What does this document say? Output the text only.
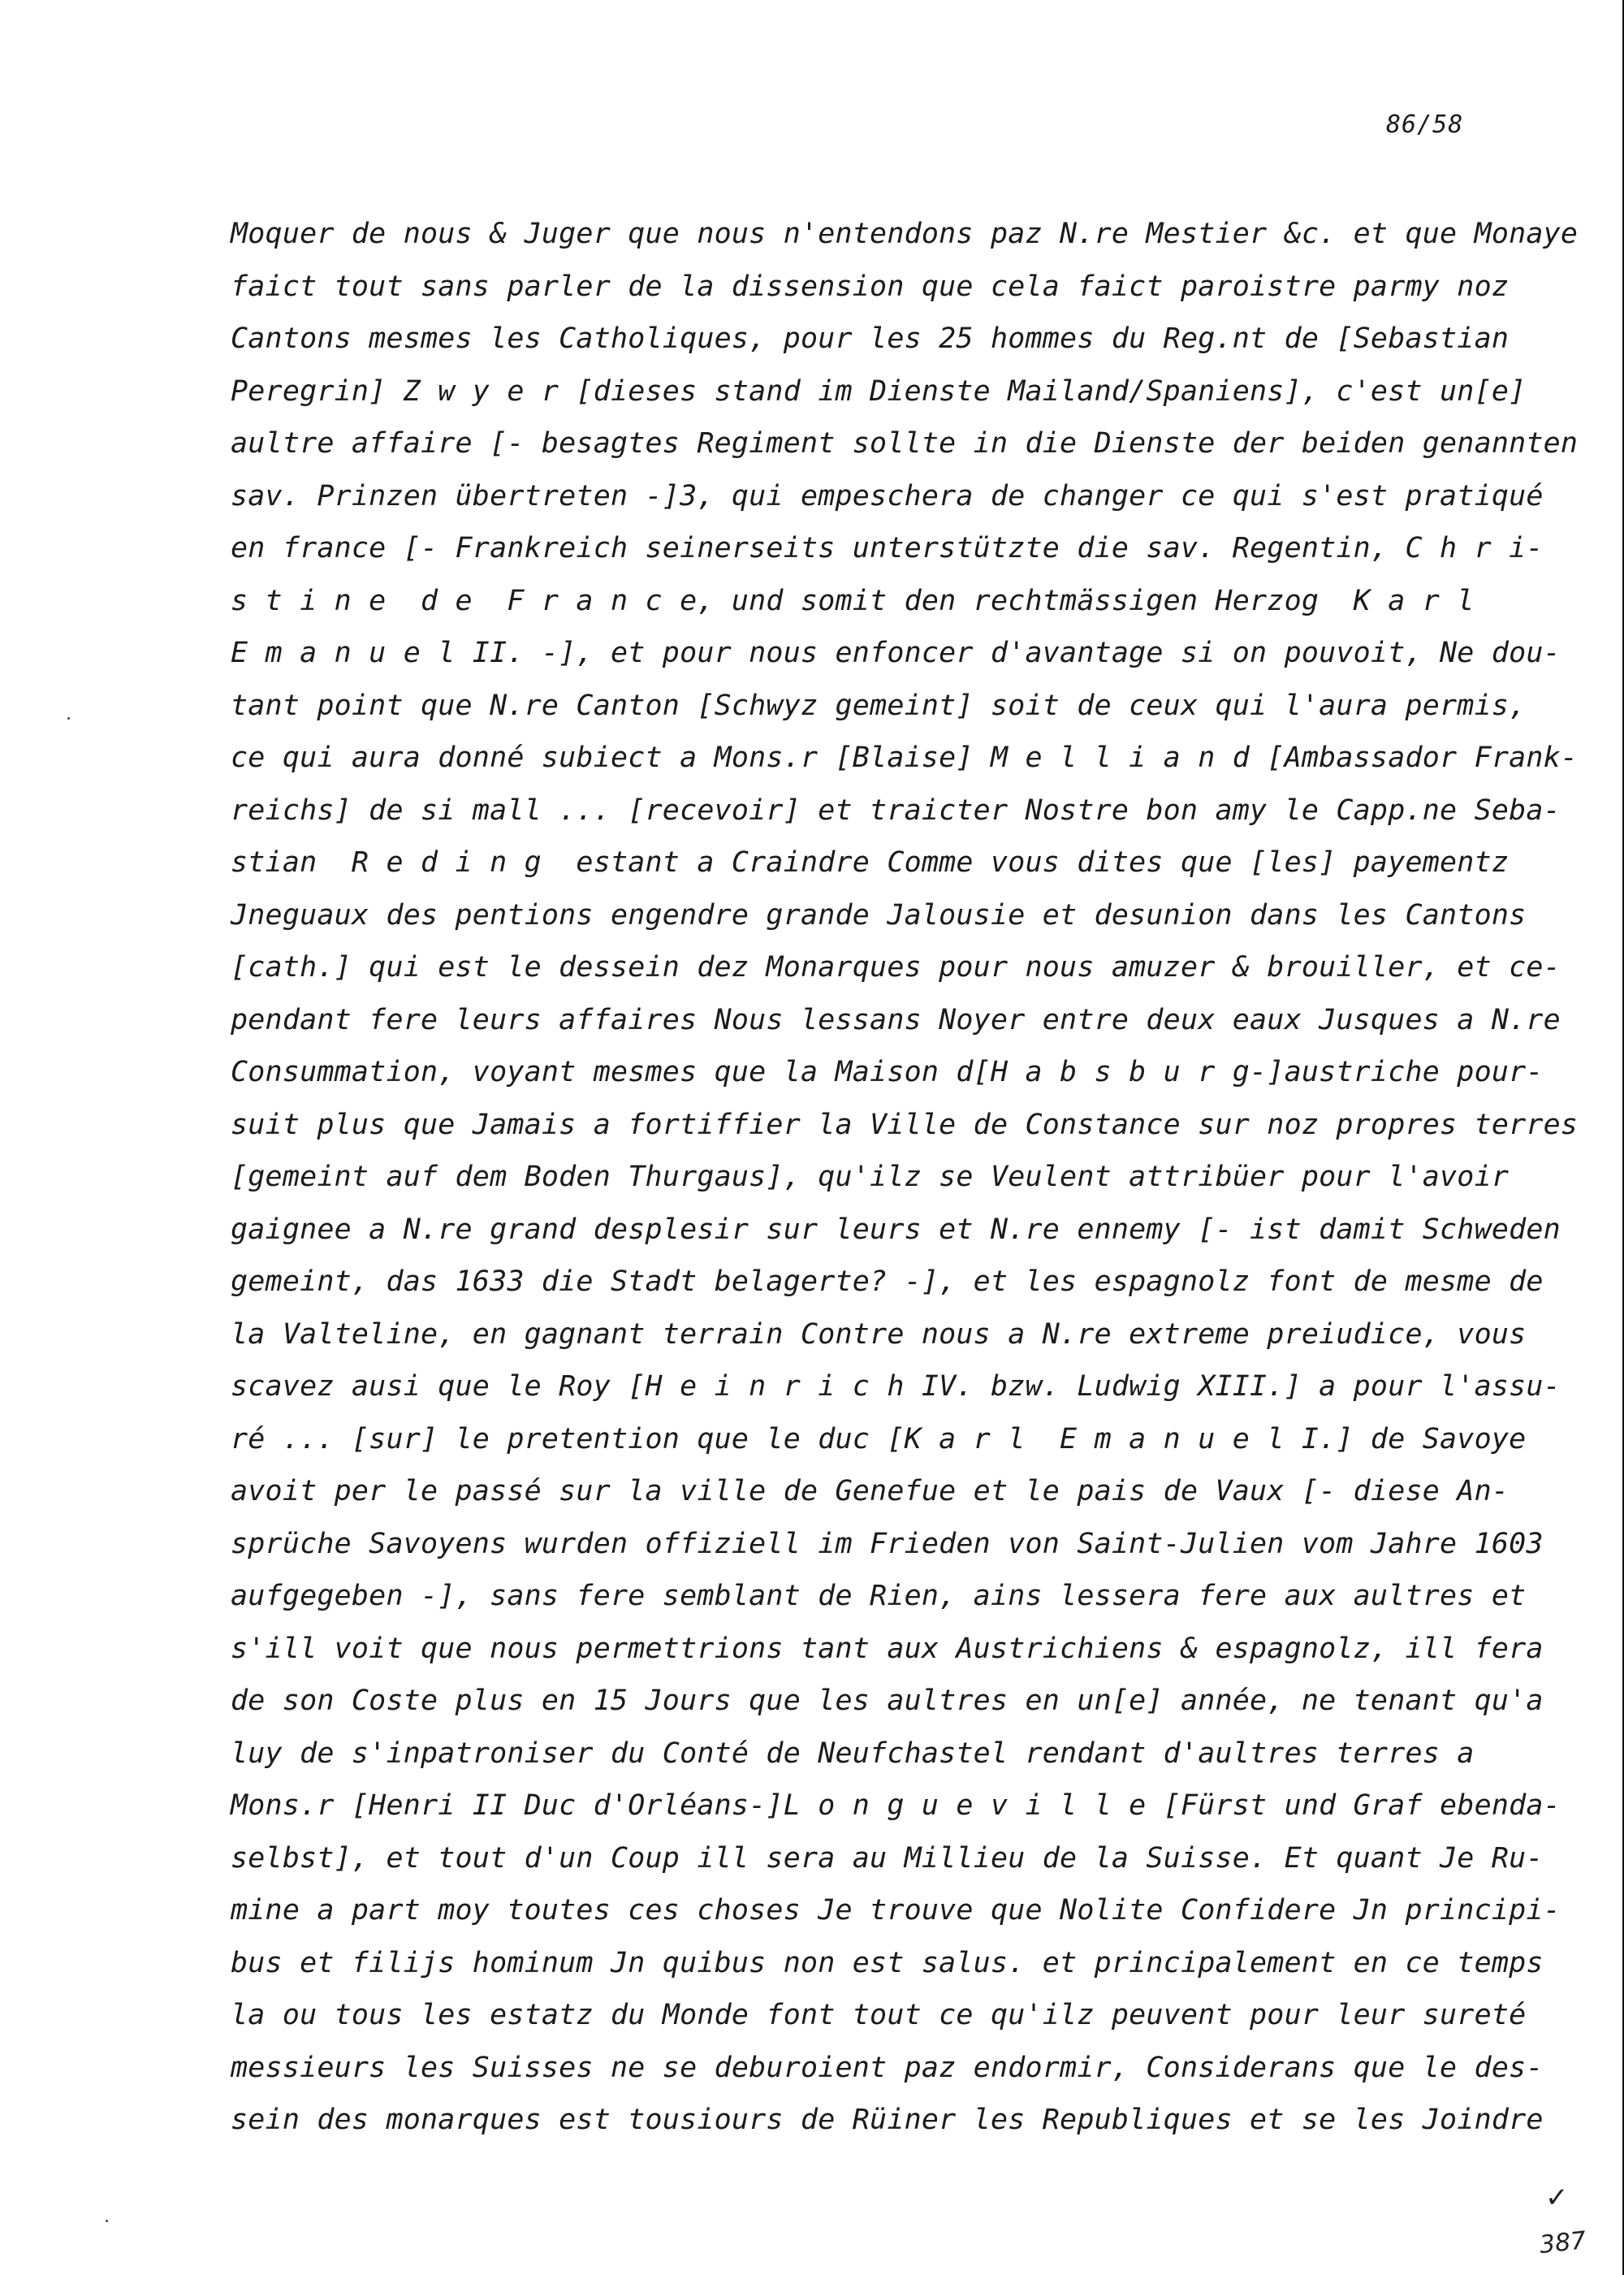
86/58
Moquer de nous & Juger que nous n'entendons paz N.re Mestier &c. et que Monaye
faict tout sans parler de la dissension que cela faict paroistre parmy noz
Cantons mesmes les Catholiques, pour les 25 hommes du Reg.nt de [Sebastian
Peregrin] Z w y e r [dieses stand im Dienste Mailand/Spaniens], c'est un[e]
aultre affaire [- besagtes Regiment sollte in die Dienste der beiden genannten
sav. Prinzen übertreten -]3, qui empeschera de changer ce qui s'est pratiqué
en france [- Frankreich seinerseits unterstützte die sav. Regentin, C h r i-
s t i n e  d e  F r a n c e, und somit den rechtmässigen Herzog  K a r l
E m a n u e l II. -], et pour nous enfoncer d'avantage si on pouvoit, Ne dou-
tant point que N.re Canton [Schwyz gemeint] soit de ceux qui l'aura permis,
ce qui aura donné subiect a Mons.r [Blaise] M e l l i a n d [Ambassador Frank-
reichs] de si mall ... [recevoir] et traicter Nostre bon amy le Capp.ne Seba-
stian  R e d i n g  estant a Craindre Comme vous dites que [les] payementz
Jneguaux des pentions engendre grande Jalousie et desunion dans les Cantons
[cath.] qui est le dessein dez Monarques pour nous amuzer & brouiller, et ce-
pendant fere leurs affaires Nous lessans Noyer entre deux eaux Jusques a N.re
Consummation, voyant mesmes que la Maison d[H a b s b u r g-]austriche pour-
suit plus que Jamais a fortiffier la Ville de Constance sur noz propres terres
[gemeint auf dem Boden Thurgaus], qu'ilz se Veulent attribüer pour l'avoir
gaignee a N.re grand desplesir sur leurs et N.re ennemy [- ist damit Schweden
gemeint, das 1633 die Stadt belagerte? -], et les espagnolz font de mesme de
la Valteline, en gagnant terrain Contre nous a N.re extreme preiudice, vous
scavez ausi que le Roy [H e i n r i c h IV. bzw. Ludwig XIII.] a pour l'assu-
ré ... [sur] le pretention que le duc [K a r l  E m a n u e l I.] de Savoye
avoit per le passé sur la ville de Genefue et le pais de Vaux [- diese An-
sprüche Savoyens wurden offiziell im Frieden von Saint-Julien vom Jahre 1603
aufgegeben -], sans fere semblant de Rien, ains lessera fere aux aultres et
s'ill voit que nous permettrions tant aux Austrichiens & espagnolz, ill fera
de son Coste plus en 15 Jours que les aultres en un[e] année, ne tenant qu'a
luy de s'inpatroniser du Conté de Neufchastel rendant d'aultres terres a
Mons.r [Henri II Duc d'Orléans-]L o n g u e v i l l e [Fürst und Graf ebenda-
selbst], et tout d'un Coup ill sera au Millieu de la Suisse. Et quant Je Ru-
mine a part moy toutes ces choses Je trouve que Nolite Confidere Jn principi-
bus et filijs hominum Jn quibus non est salus. et principalement en ce temps
la ou tous les estatz du Monde font tout ce qu'ilz peuvent pour leur sureté
messieurs les Suisses ne se deburoient paz endormir, Considerans que le des-
sein des monarques est tousiours de Rüiner les Republiques et se les Joindre
✓
387
